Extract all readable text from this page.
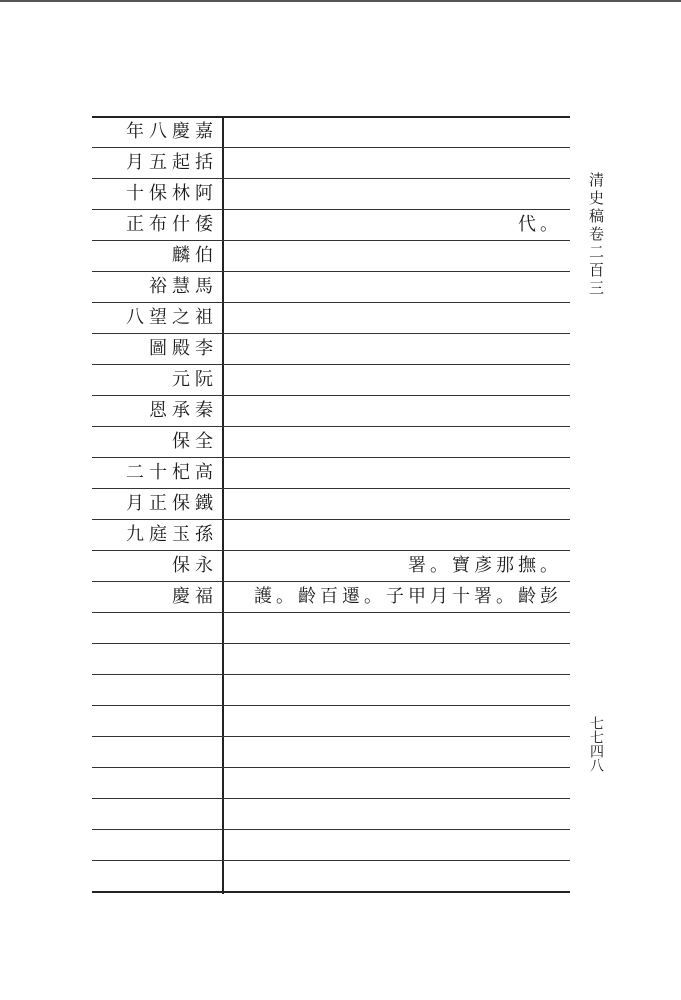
年八慶嘉
月五起括
十保林阿
正布什倭	代。
麟伯
裕慧馬
八望之祖
圖殿李
元阮
恩承秦
保全
二十杞高
月正保鐵
九庭玉孫
保永	署。寶彥那撫。
慶福	護。齡百遷。子甲月十署。齡彭
清史稿卷二百三
七七四八
